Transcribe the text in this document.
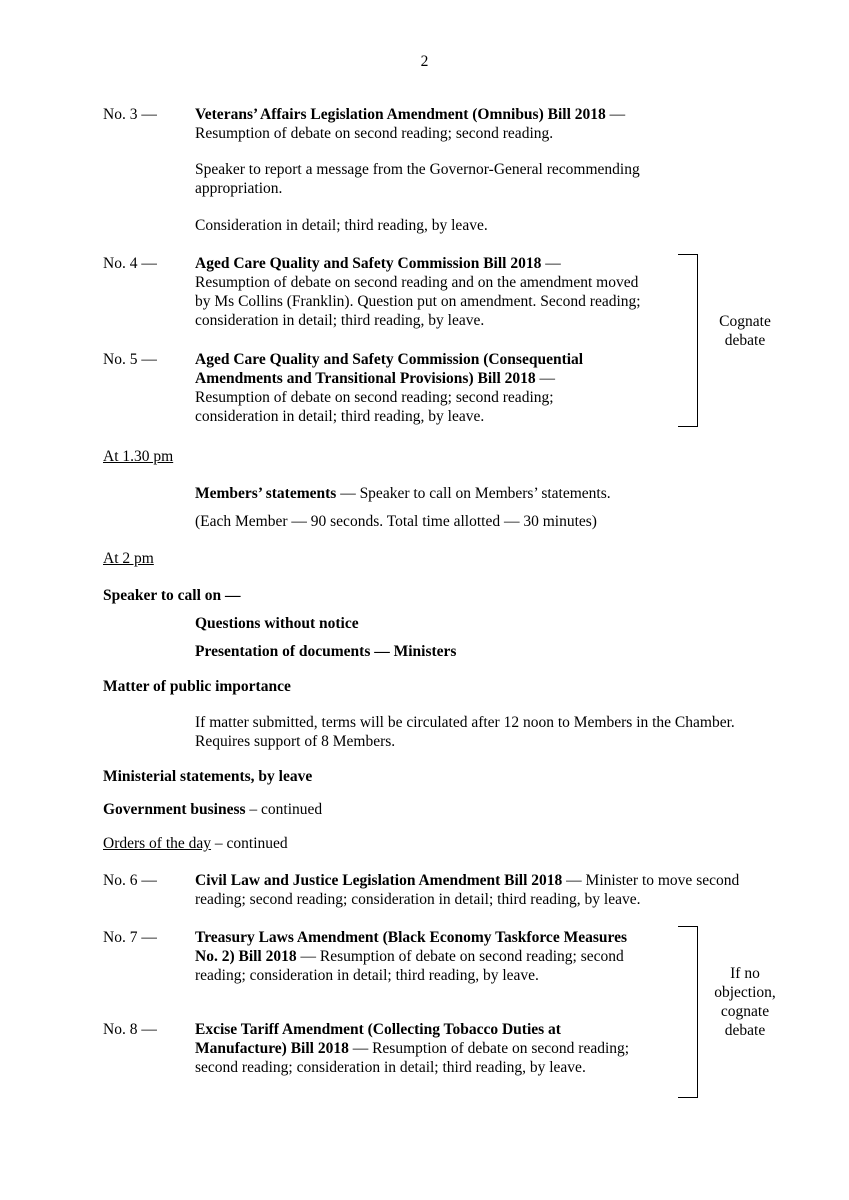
2
No. 3 — Veterans’ Affairs Legislation Amendment (Omnibus) Bill 2018 —
Resumption of debate on second reading; second reading.
Speaker to report a message from the Governor-General recommending appropriation.
Consideration in detail; third reading, by leave.
No. 4 — Aged Care Quality and Safety Commission Bill 2018 —
Resumption of debate on second reading and on the amendment moved by Ms Collins (Franklin). Question put on amendment. Second reading; consideration in detail; third reading, by leave.
No. 5 — Aged Care Quality and Safety Commission (Consequential Amendments and Transitional Provisions) Bill 2018 —
Resumption of debate on second reading; second reading; consideration in detail; third reading, by leave.
Cognate debate
At 1.30 pm
Members’ statements — Speaker to call on Members’ statements.
(Each Member — 90 seconds. Total time allotted — 30 minutes)
At 2 pm
Speaker to call on —
Questions without notice
Presentation of documents — Ministers
Matter of public importance
If matter submitted, terms will be circulated after 12 noon to Members in the Chamber. Requires support of 8 Members.
Ministerial statements, by leave
Government business – continued
Orders of the day – continued
No. 6 — Civil Law and Justice Legislation Amendment Bill 2018 — Minister to move second reading; second reading; consideration in detail; third reading, by leave.
No. 7 — Treasury Laws Amendment (Black Economy Taskforce Measures No. 2) Bill 2018 — Resumption of debate on second reading; second reading; consideration in detail; third reading, by leave.
No. 8 — Excise Tariff Amendment (Collecting Tobacco Duties at Manufacture) Bill 2018 — Resumption of debate on second reading; second reading; consideration in detail; third reading, by leave.
If no objection, cognate debate
